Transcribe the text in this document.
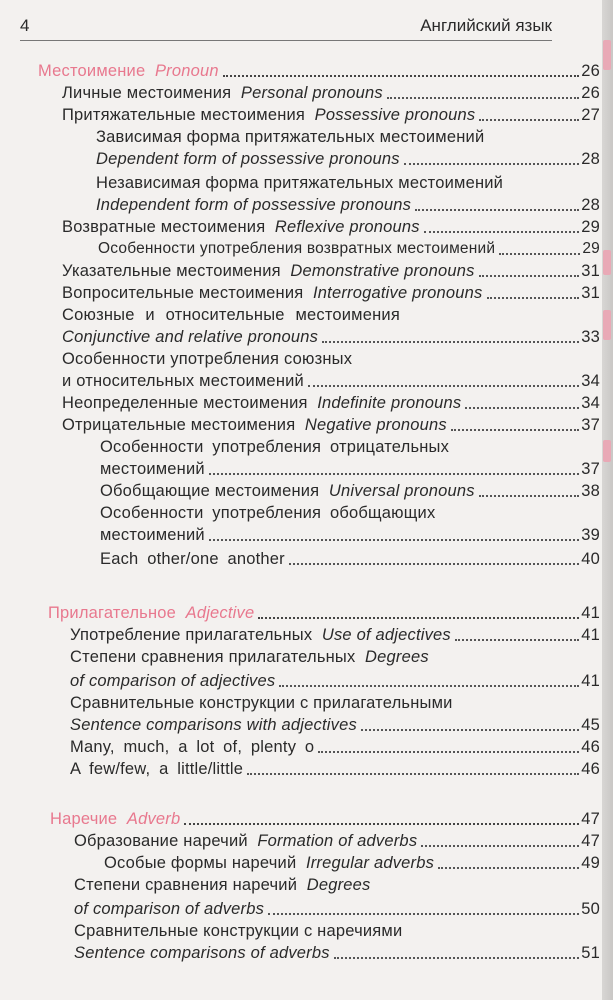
4	Английский язык
Местоимение Pronoun	26
Личные местоимения Personal pronouns	26
Притяжательные местоимения Possessive pronouns	27
Зависимая форма притяжательных местоимений
Dependent form of possessive pronouns	28
Независимая форма притяжательных местоимений
Independent form of possessive pronouns	28
Возвратные местоимения Reflexive pronouns	29
Особенности употребления возвратных местоимений	29
Указательные местоимения Demonstrative pronouns	31
Вопросительные местоимения Interrogative pronouns	31
Союзные и относительные местоимения
Conjunctive and relative pronouns	33
Особенности употребления союзных
и относительных местоимений	34
Неопределенные местоимения Indefinite pronouns	34
Отрицательные местоимения Negative pronouns	37
Особенности употребления отрицательных
местоимений	37
Обобщающие местоимения Universal pronouns	38
Особенности употребления обобщающих
местоимений	39
Each other/one another	40
Прилагательное Adjective	41
Употребление прилагательных Use of adjectives	41
Степени сравнения прилагательных Degrees
of comparison of adjectives	41
Сравнительные конструкции с прилагательными
Sentence comparisons with adjectives	45
Many, much, a lot of, plenty o	46
A few/few, a little/little	46
Наречие Adverb	47
Образование наречий Formation of adverbs	47
Особые формы наречий Irregular adverbs	49
Степени сравнения наречий Degrees
of comparison of adverbs	50
Сравнительные конструкции с наречиями
Sentence comparisons of adverbs	51
